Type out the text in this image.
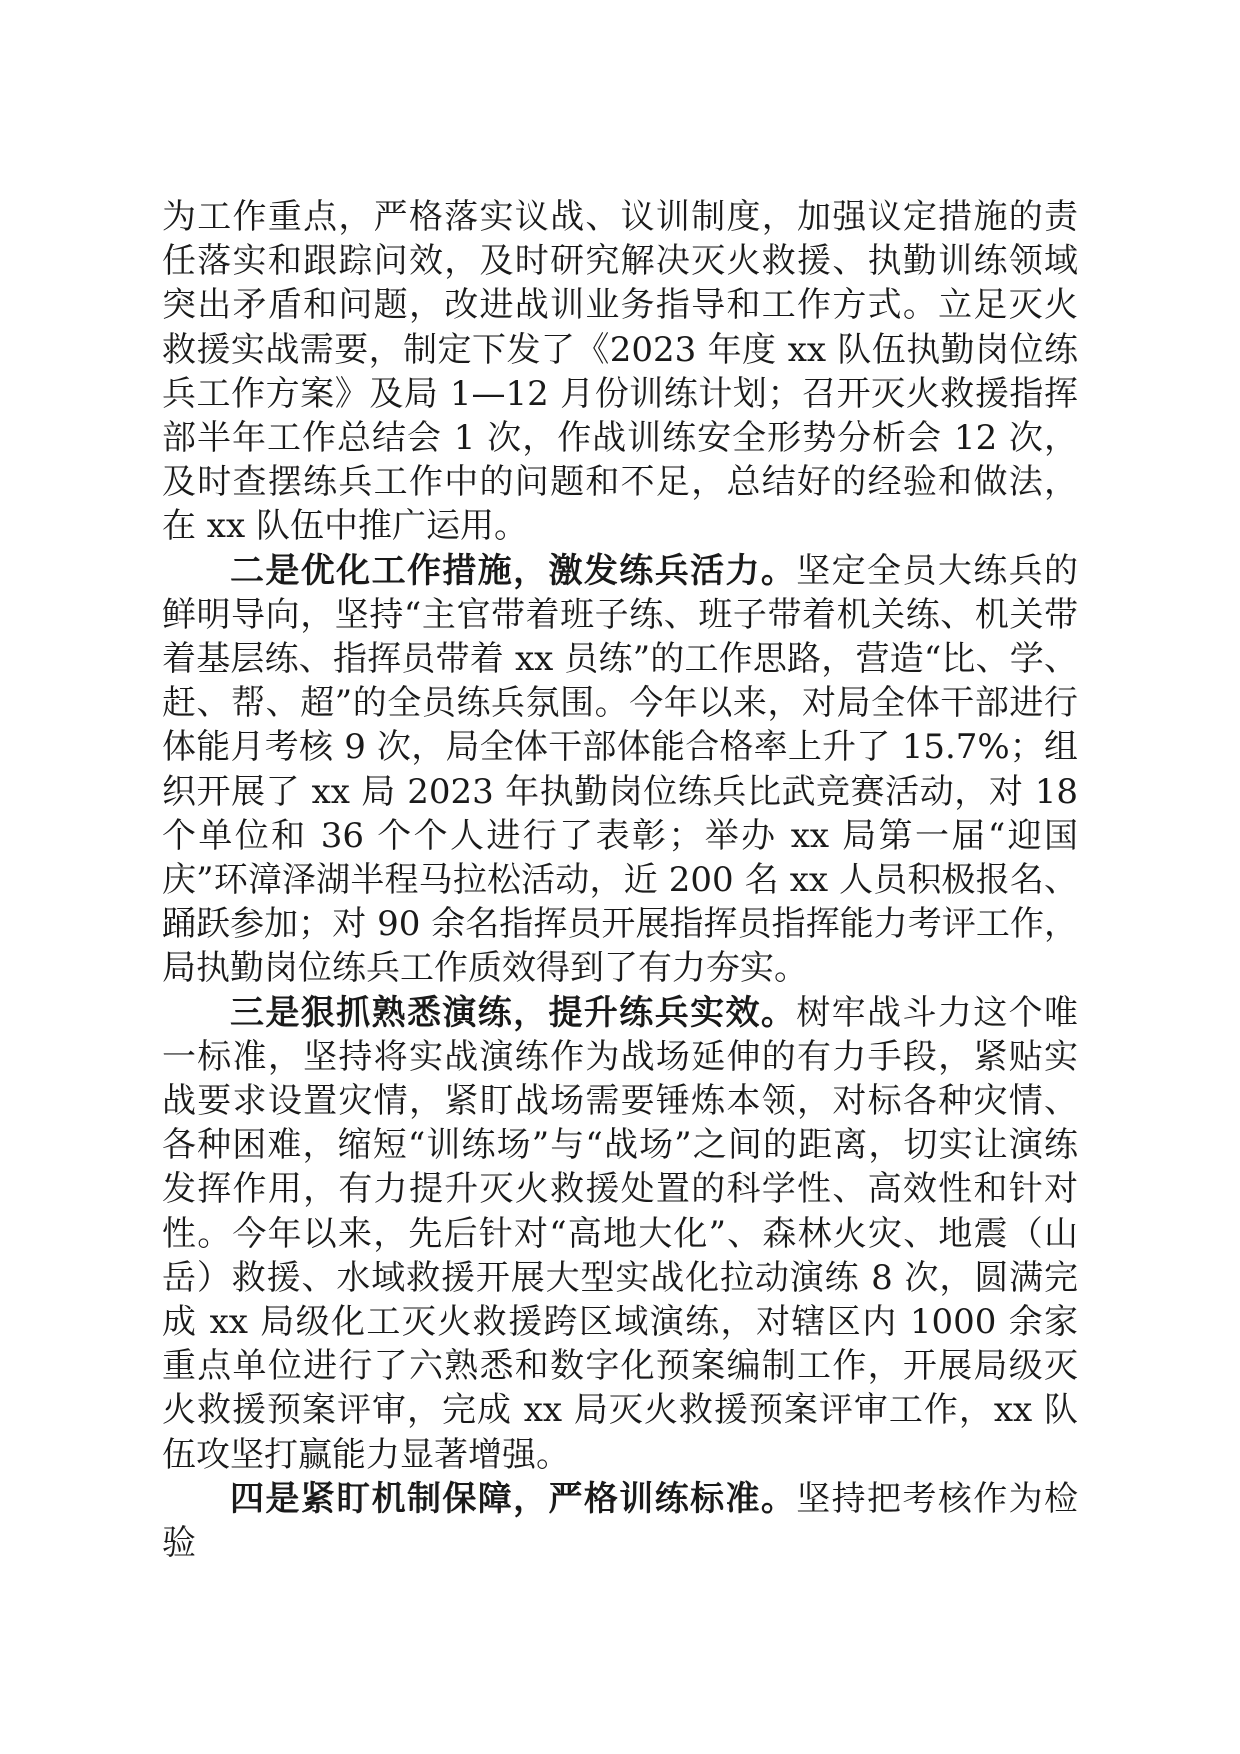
为工作重点，严格落实议战、议训制度，加强议定措施的责任落实和跟踪问效，及时研究解决灭火救援、执勤训练领域突出矛盾和问题，改进战训业务指导和工作方式。立足灭火救援实战需要，制定下发了《2023 年度 xx 队伍执勤岗位练兵工作方案》及局 1—12 月份训练计划；召开灭火救援指挥部半年工作总结会 1 次，作战训练安全形势分析会 12 次，及时查摆练兵工作中的问题和不足，总结好的经验和做法，在 xx 队伍中推广运用。

二是优化工作措施，激发练兵活力。坚定全员大练兵的鲜明导向，坚持“主官带着班子练、班子带着机关练、机关带着基层练、指挥员带着 xx 员练”的工作思路，营造“比、学、赶、帮、超”的全员练兵氛围。今年以来，对局全体干部进行体能月考核 9 次，局全体干部体能合格率上升了 15.7%；组织开展了 xx 局 2023 年执勤岗位练兵比武竞赛活动，对 18 个单位和 36 个个人进行了表彰；举办 xx 局第一届“迎国庆”环漳泽湖半程马拉松活动，近 200 名 xx 人员积极报名、踊跃参加；对 90 余名指挥员开展指挥员指挥能力考评工作，局执勤岗位练兵工作质效得到了有力夯实。

三是狠抓熟悉演练，提升练兵实效。树牢战斗力这个唯一标准，坚持将实战演练作为战场延伸的有力手段，紧贴实战要求设置灾情，紧盯战场需要锤炼本领，对标各种灾情、各种困难，缩短“训练场”与“战场”之间的距离，切实让演练发挥作用，有力提升灭火救援处置的科学性、高效性和针对性。今年以来，先后针对“高地大化”、森林火灾、地震（山岳）救援、水域救援开展大型实战化拉动演练 8 次，圆满完成 xx 局级化工灭火救援跨区域演练，对辖区内 1000 余家重点单位进行了六熟悉和数字化预案编制工作，开展局级灭火救援预案评审，完成 xx 局灭火救援预案评审工作，xx 队伍攻坚打赢能力显著增强。

四是紧盯机制保障，严格训练标准。坚持把考核作为检验
